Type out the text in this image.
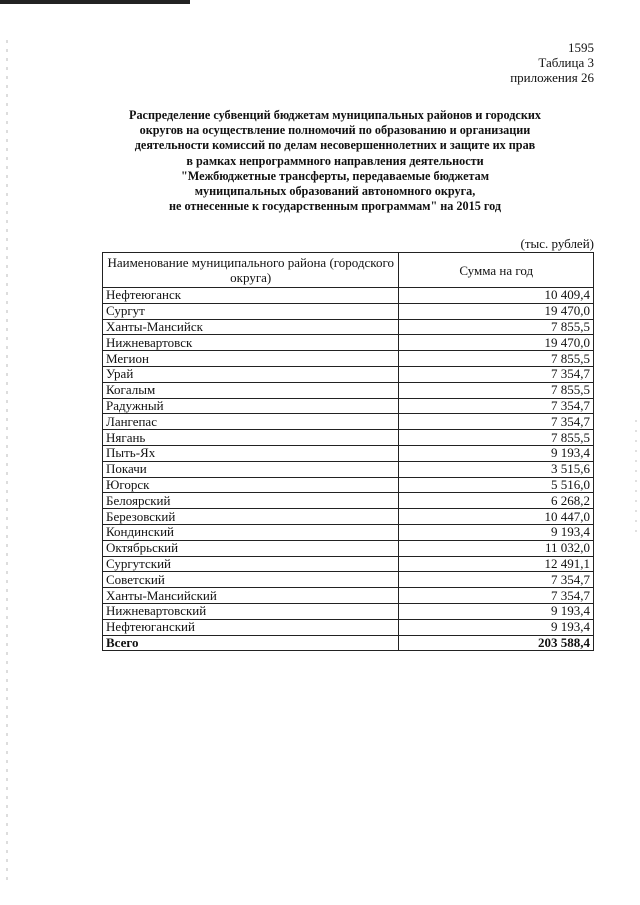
1595
Таблица 3
приложения 26
Распределение субвенций бюджетам муниципальных районов и городских
округов на осуществление полномочий по образованию и организации
деятельности комиссий по делам несовершеннолетних и защите их прав
в рамках непрограммного направления деятельности
"Межбюджетные трансферты, передаваемые бюджетам
муниципальных образований автономного округа,
не отнесенные к государственным программам" на 2015 год
(тыс. рублей)
Наименование муниципального района (городского округа)	Сумма на год
Нефтеюганск	10 409,4
Сургут	19 470,0
Ханты-Мансийск	7 855,5
Нижневартовск	19 470,0
Мегион	7 855,5
Урай	7 354,7
Когалым	7 855,5
Радужный	7 354,7
Лангепас	7 354,7
Нягань	7 855,5
Пыть-Ях	9 193,4
Покачи	3 515,6
Югорск	5 516,0
Белоярский	6 268,2
Березовский	10 447,0
Кондинский	9 193,4
Октябрьский	11 032,0
Сургутский	12 491,1
Советский	7 354,7
Ханты-Мансийский	7 354,7
Нижневартовский	9 193,4
Нефтеюганский	9 193,4
Всего	203 588,4
